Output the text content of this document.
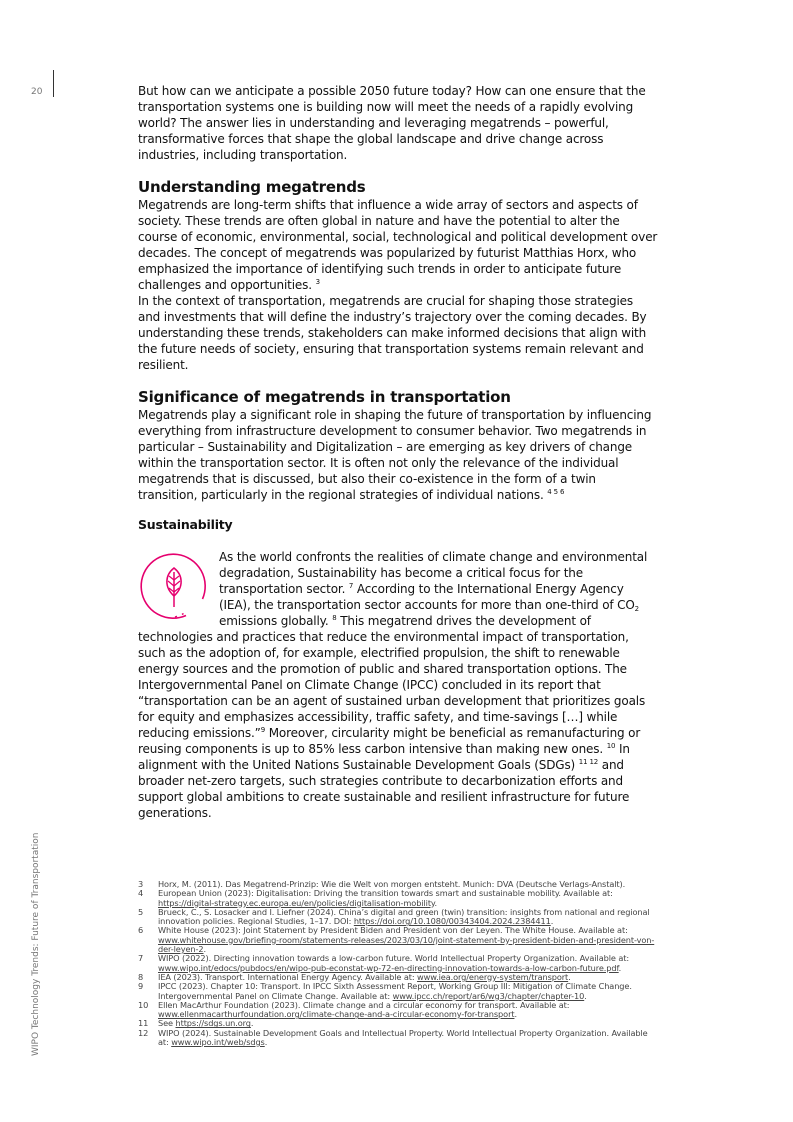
20
WIPO Technology Trends: Future of Transportation

But how can we anticipate a possible 2050 future today? How can one ensure that the transportation systems one is building now will meet the needs of a rapidly evolving world? The answer lies in understanding and leveraging megatrends – powerful, transformative forces that shape the global landscape and drive change across industries, including transportation.

Understanding megatrends

Megatrends are long-term shifts that influence a wide array of sectors and aspects of society. These trends are often global in nature and have the potential to alter the course of economic, environmental, social, technological and political development over decades. The concept of megatrends was popularized by futurist Matthias Horx, who emphasized the importance of identifying such trends in order to anticipate future challenges and opportunities. $^3$

In the context of transportation, megatrends are crucial for shaping those strategies and investments that will define the industry’s trajectory over the coming decades. By understanding these trends, stakeholders can make informed decisions that align with the future needs of society, ensuring that transportation systems remain relevant and resilient.

Significance of megatrends in transportation

Megatrends play a significant role in shaping the future of transportation by influencing everything from infrastructure development to consumer behavior. Two megatrends in particular – Sustainability and Digitalization – are emerging as key drivers of change within the transportation sector. It is often not only the relevance of the individual megatrends that is discussed, but also their co-existence in the form of a twin transition, particularly in the regional strategies of individual nations. $^{4 5 6}$

Sustainability

As the world confronts the realities of climate change and environmental degradation, Sustainability has become a critical focus for the transportation sector. $^7$ According to the International Energy Agency (IEA), the transportation sector accounts for more than one-third of $CO_2$ emissions globally. $^8$ This megatrend drives the development of technologies and practices that reduce the environmental impact of transportation, such as the adoption of, for example, electrified propulsion, the shift to renewable energy sources and the promotion of public and shared transportation options. The Intergovernmental Panel on Climate Change (IPCC) concluded in its report that “transportation can be an agent of sustained urban development that prioritizes goals for equity and emphasizes accessibility, traffic safety, and time-savings […] while reducing emissions.”$^9$ Moreover, circularity might be beneficial as remanufacturing or reusing components is up to 85% less carbon intensive than making new ones. $^{10}$ In alignment with the United Nations Sustainable Development Goals (SDGs) $^{11 12}$ and broader net-zero targets, such strategies contribute to decarbonization efforts and support global ambitions to create sustainable and resilient infrastructure for future generations.

3	Horx, M. (2011). Das Megatrend-Prinzip: Wie die Welt von morgen entsteht. Munich: DVA (Deutsche Verlags-Anstalt).
4	European Union (2023): Digitalisation: Driving the transition towards smart and sustainable mobility. Available at: https://digital-strategy.ec.europa.eu/en/policies/digitalisation-mobility.
5	Brueck, C., S. Losacker and I. Liefner (2024). China’s digital and green (twin) transition: insights from national and regional innovation policies. Regional Studies, 1–17. DOI: https://doi.org/10.1080/00343404.2024.2384411.
6	White House (2023): Joint Statement by President Biden and President von der Leyen. The White House. Available at: www.whitehouse.gov/briefing-room/statements-releases/2023/03/10/joint-statement-by-president-biden-and-president-von-der-leyen-2.
7	WIPO (2022). Directing innovation towards a low-carbon future. World Intellectual Property Organization. Available at: www.wipo.int/edocs/pubdocs/en/wipo-pub-econstat-wp-72-en-directing-innovation-towards-a-low-carbon-future.pdf.
8	IEA (2023). Transport. International Energy Agency. Available at: www.iea.org/energy-system/transport.
9	IPCC (2023). Chapter 10: Transport. In IPCC Sixth Assessment Report, Working Group III: Mitigation of Climate Change. Intergovernmental Panel on Climate Change. Available at: www.ipcc.ch/report/ar6/wg3/chapter/chapter-10.
10	Ellen MacArthur Foundation (2023). Climate change and a circular economy for transport. Available at: www.ellenmacarthurfoundation.org/climate-change-and-a-circular-economy-for-transport.
11	See https://sdgs.un.org.
12	WIPO (2024). Sustainable Development Goals and Intellectual Property. World Intellectual Property Organization. Available at: www.wipo.int/web/sdgs.
